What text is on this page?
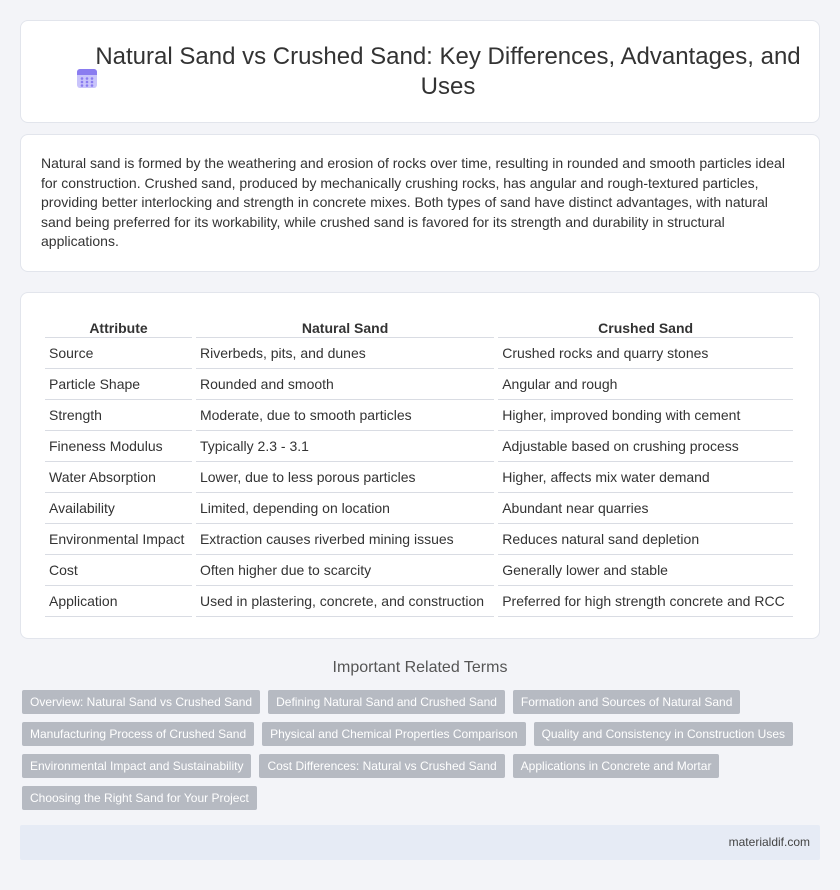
Natural Sand vs Crushed Sand: Key Differences, Advantages, and Uses

Natural sand is formed by the weathering and erosion of rocks over time, resulting in rounded and smooth particles ideal for construction. Crushed sand, produced by mechanically crushing rocks, has angular and rough-textured particles, providing better interlocking and strength in concrete mixes. Both types of sand have distinct advantages, with natural sand being preferred for its workability, while crushed sand is favored for its strength and durability in structural applications.

Attribute	Natural Sand	Crushed Sand
Source	Riverbeds, pits, and dunes	Crushed rocks and quarry stones
Particle Shape	Rounded and smooth	Angular and rough
Strength	Moderate, due to smooth particles	Higher, improved bonding with cement
Fineness Modulus	Typically 2.3 - 3.1	Adjustable based on crushing process
Water Absorption	Lower, due to less porous particles	Higher, affects mix water demand
Availability	Limited, depending on location	Abundant near quarries
Environmental Impact	Extraction causes riverbed mining issues	Reduces natural sand depletion
Cost	Often higher due to scarcity	Generally lower and stable
Application	Used in plastering, concrete, and construction	Preferred for high strength concrete and RCC
Important Related Terms
Overview: Natural Sand vs Crushed Sand	Defining Natural Sand and Crushed Sand	Formation and Sources of Natural Sand
Manufacturing Process of Crushed Sand	Physical and Chemical Properties Comparison	Quality and Consistency in Construction Uses
Environmental Impact and Sustainability	Cost Differences: Natural vs Crushed Sand	Applications in Concrete and Mortar
Choosing the Right Sand for Your Project
materialdif.com
